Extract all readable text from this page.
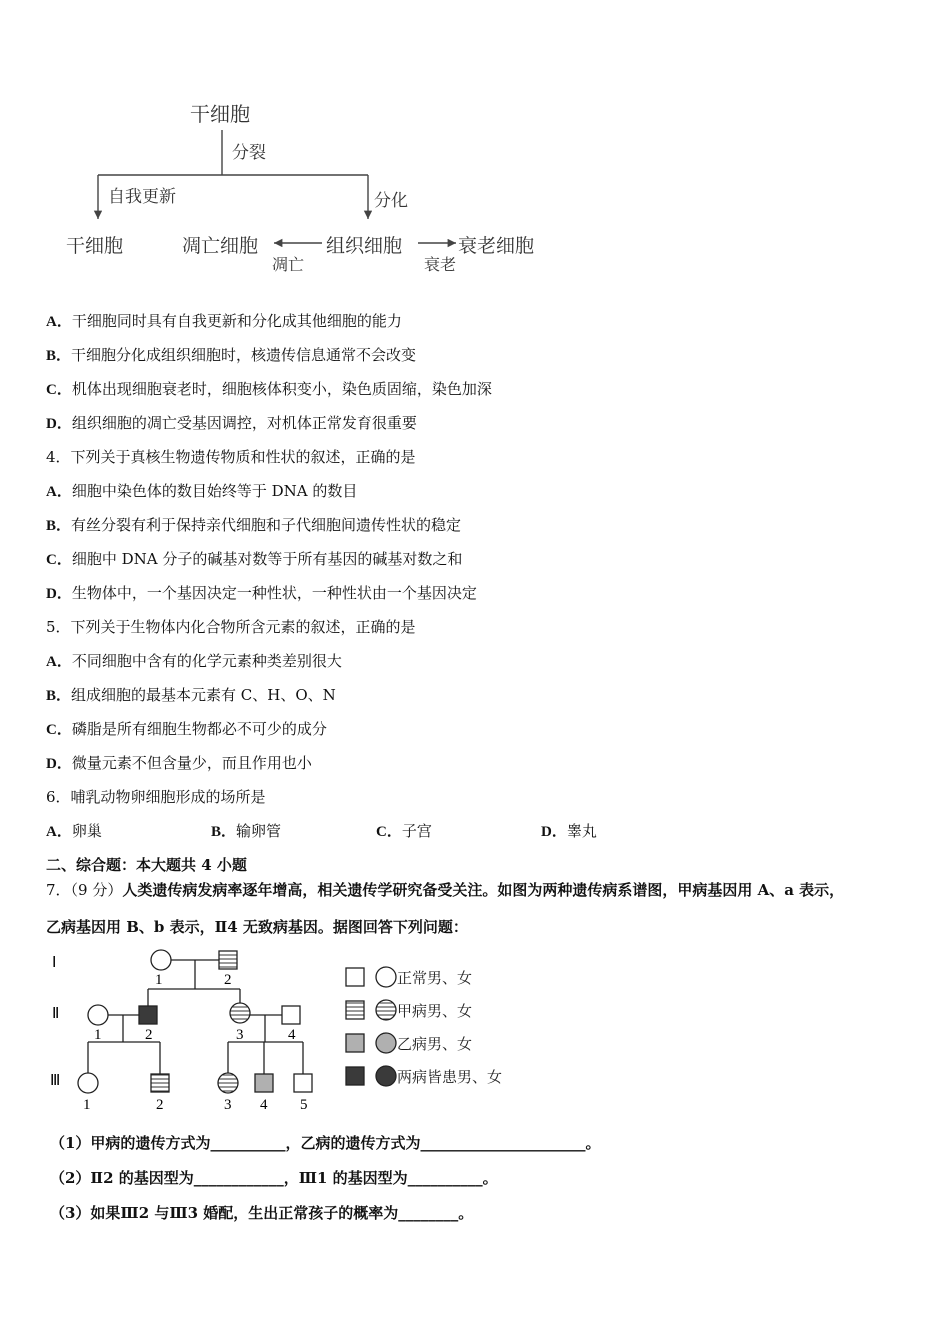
干细胞
分裂
自我更新	分化
干细胞	凋亡细胞
凋亡
组织细胞
衰老
衰老细胞
A．干细胞同时具有自我更新和分化成其他细胞的能力
B．干细胞分化成组织细胞时，核遗传信息通常不会改变
C．机体出现细胞衰老时，细胞核体积变小，染色质固缩，染色加深
D．组织细胞的凋亡受基因调控，对机体正常发育很重要
4．下列关于真核生物遗传物质和性状的叙述，正确的是
A．细胞中染色体的数目始终等于 DNA 的数目
B．有丝分裂有利于保持亲代细胞和子代细胞间遗传性状的稳定
C．细胞中 DNA 分子的碱基对数等于所有基因的碱基对数之和
D．生物体中，一个基因决定一种性状，一种性状由一个基因决定
5．下列关于生物体内化合物所含元素的叙述，正确的是
A．不同细胞中含有的化学元素种类差别很大
B．组成细胞的最基本元素有 C、H、O、N
C．磷脂是所有细胞生物都必不可少的成分
D．微量元素不但含量少，而且作用也小
6．哺乳动物卵细胞形成的场所是
A．卵巢	B．输卵管	C．子宫	D．睾丸
二、综合题：本大题共 4 小题
7．（9 分）人类遗传病发病率逐年增高，相关遗传学研究备受关注。如图为两种遗传病系谱图，甲病基因用 A、a 表示，
乙病基因用 B、b 表示，Ⅱ4 无致病基因。据图回答下列问题：
Ⅰ
Ⅱ
Ⅲ
1	2
1	2	3	4
1	2	3 4 5
正常男、女
甲病男、女
乙病男、女
两病皆患男、女
（1）甲病的遗传方式为__________，乙病的遗传方式为______________________。
（2）Ⅱ2 的基因型为____________，Ⅲ1 的基因型为__________。
（3）如果Ⅲ2 与Ⅲ3 婚配，生出正常孩子的概率为________。
